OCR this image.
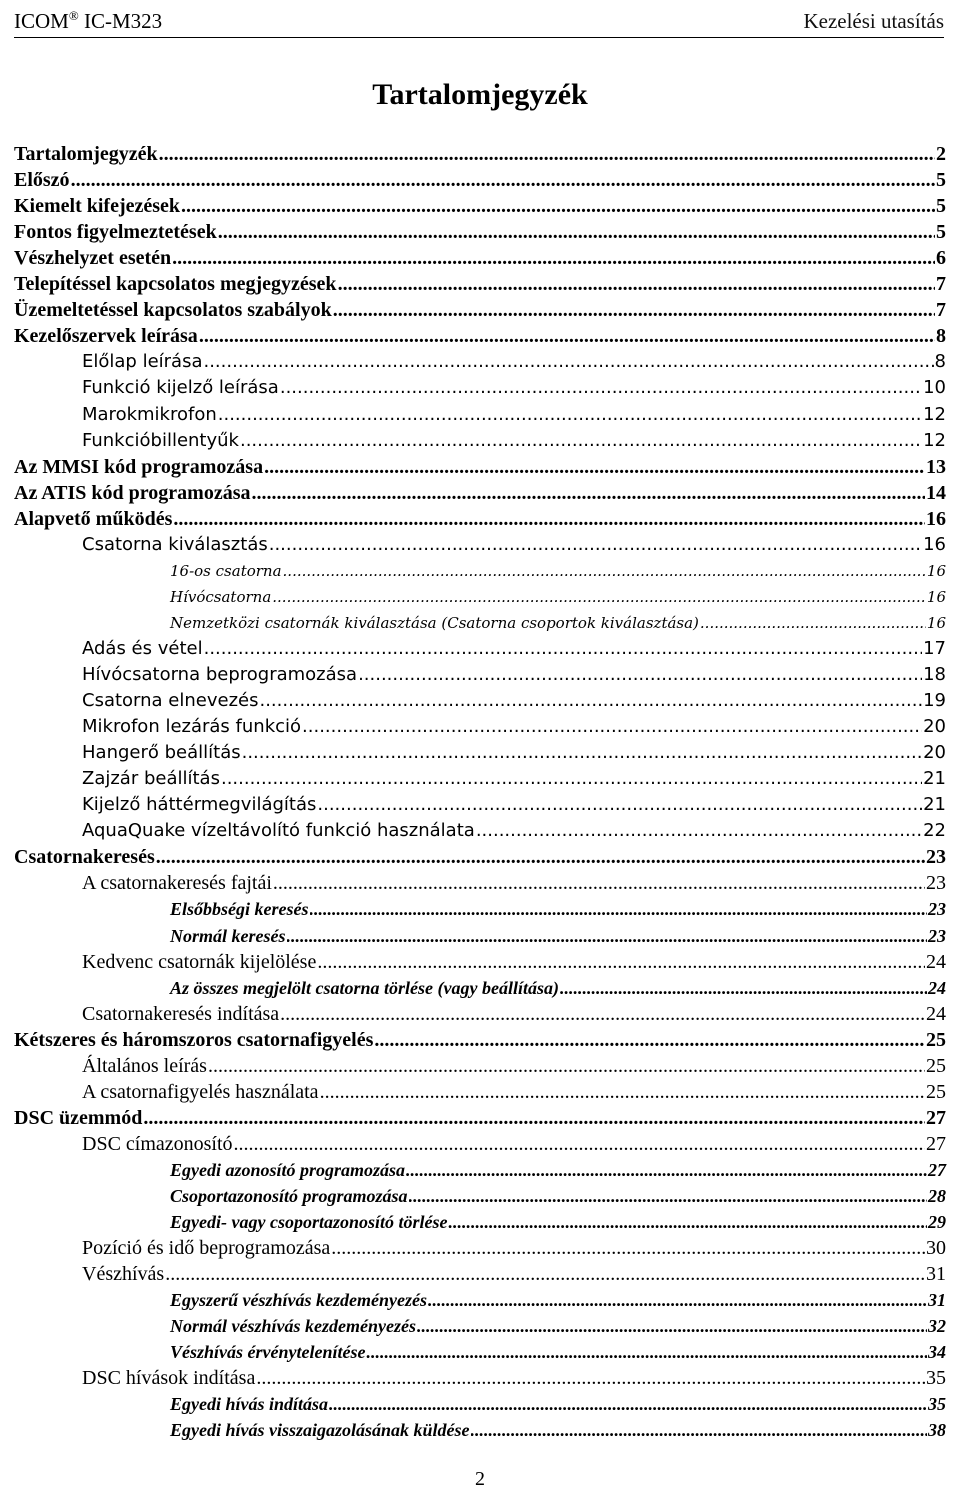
ICOM® IC-M323	Kezelési utasítás
Tartalomjegyzék
Tartalomjegyzék .....	2
Előszó .....	5
Kiemelt kifejezések .....	5
Fontos figyelmeztetések .....	5
Vészhelyzet esetén .....	6
Telepítéssel kapcsolatos megjegyzések .....	7
Üzemeltetéssel kapcsolatos szabályok .....	7
Kezelőszervek leírása .....	8
Előlap leírása .....	8
Funkció kijelző leírása .....	10
Marokmikrofon .....	12
Funkcióbillentyűk .....	12
Az MMSI kód programozása .....	13
Az ATIS kód programozása .....	14
Alapvető működés .....	16
Csatorna kiválasztás .....	16
16-os csatorna .....	16
Hívócsatorna .....	16
Nemzetközi csatornák kiválasztása (Csatorna csoportok kiválasztása) .....	16
Adás és vétel .....	17
Hívócsatorna beprogramozása .....	18
Csatorna elnevezés .....	19
Mikrofon lezárás funkció .....	20
Hangerő beállítás .....	20
Zajzár beállítás .....	21
Kijelző háttérmegvilágítás .....	21
AquaQuake vízeltávolító funkció használata .....	22
Csatornakeresés .....	23
A csatornakeresés fajtái .....	23
Elsőbbségi keresés .....	23
Normál keresés .....	23
Kedvenc csatornák kijelölése .....	24
Az összes megjelölt csatorna törlése (vagy beállítása) .....	24
Csatornakeresés indítása .....	24
Kétszeres és háromszoros csatornafigyelés .....	25
Általános leírás .....	25
A csatornafigyelés használata .....	25
DSC üzemmód .....	27
DSC címazonosító .....	27
Egyedi azonosító programozása .....	27
Csoportazonosító programozása .....	28
Egyedi- vagy csoportazonosító törlése .....	29
Pozíció és idő beprogramozása .....	30
Vészhívás .....	31
Egyszerű vészhívás kezdeményezés .....	31
Normál vészhívás kezdeményezés .....	32
Vészhívás érvénytelenítése .....	34
DSC hívások indítása .....	35
Egyedi hívás indítása .....	35
Egyedi hívás visszaigazolásának küldése .....	38
2
